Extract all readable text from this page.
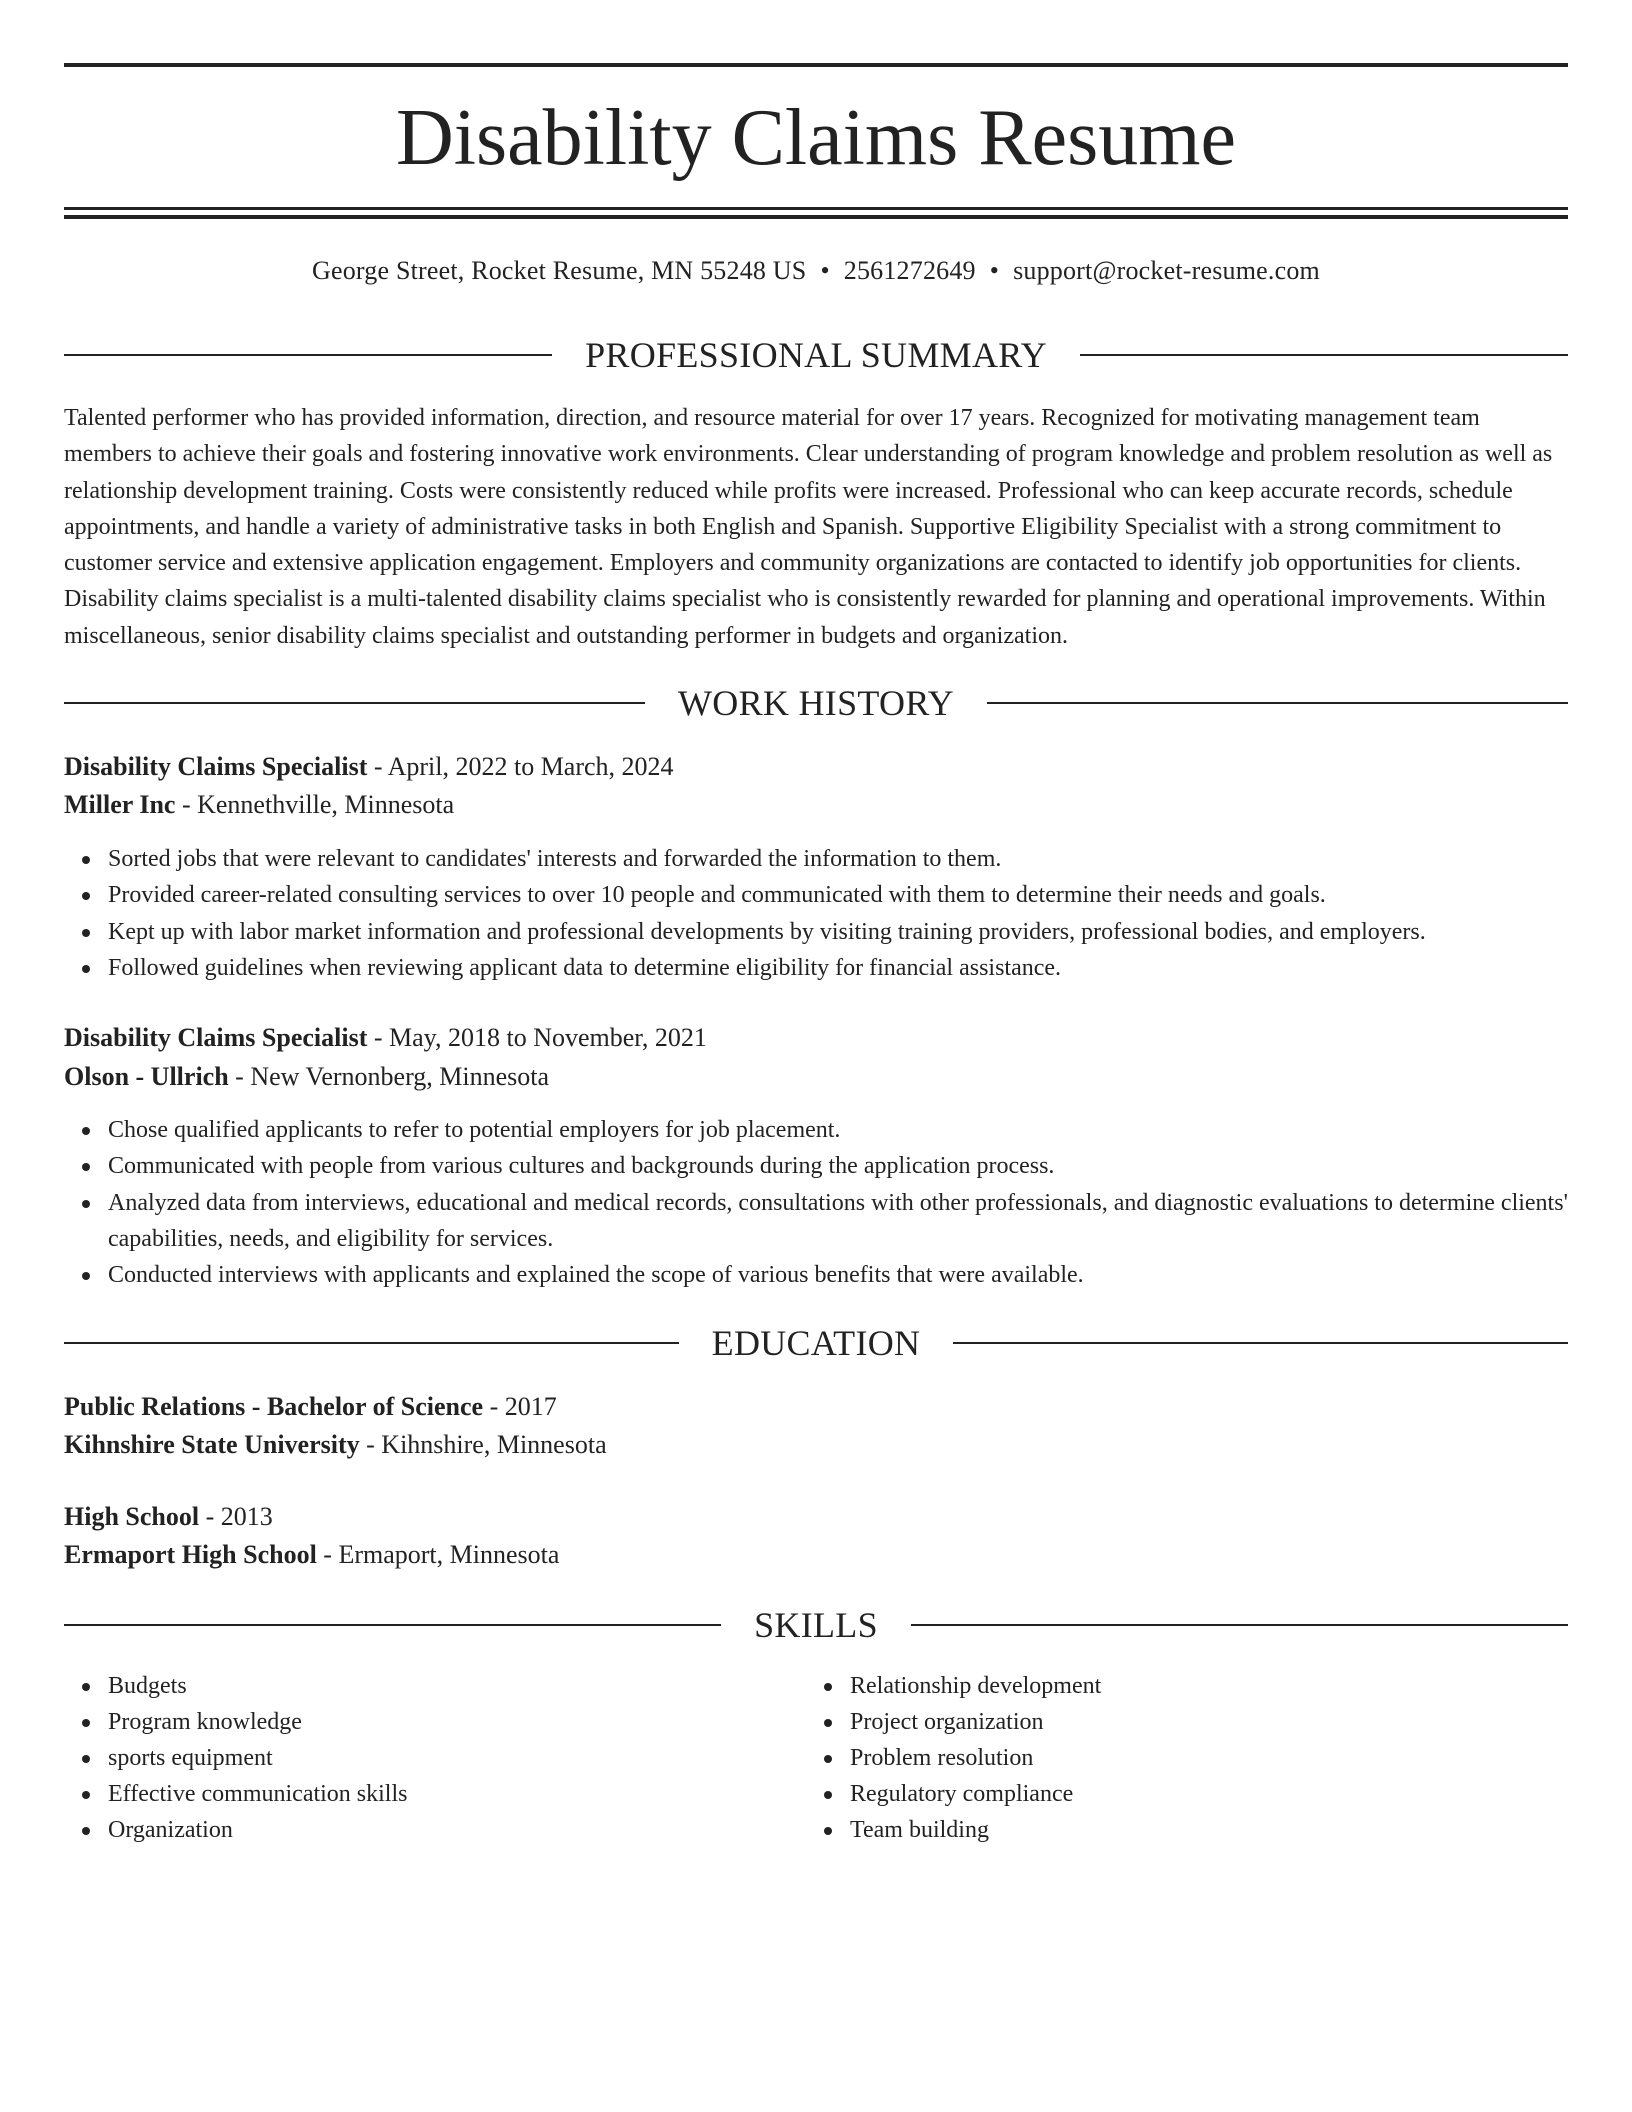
Disability Claims Resume
George Street, Rocket Resume, MN 55248 US • 2561272649 • support@rocket-resume.com
PROFESSIONAL SUMMARY

Talented performer who has provided information, direction, and resource material for over 17 years. Recognized for motivating management team members to achieve their goals and fostering innovative work environments. Clear understanding of program knowledge and problem resolution as well as relationship development training. Costs were consistently reduced while profits were increased. Professional who can keep accurate records, schedule appointments, and handle a variety of administrative tasks in both English and Spanish. Supportive Eligibility Specialist with a strong commitment to customer service and extensive application engagement. Employers and community organizations are contacted to identify job opportunities for clients. Disability claims specialist is a multi-talented disability claims specialist who is consistently rewarded for planning and operational improvements. Within miscellaneous, senior disability claims specialist and outstanding performer in budgets and organization.

WORK HISTORY
Disability Claims Specialist - April, 2022 to March, 2024
Miller Inc - Kennethville, Minnesota
Sorted jobs that were relevant to candidates' interests and forwarded the information to them.
Provided career-related consulting services to over 10 people and communicated with them to determine their needs and goals.
Kept up with labor market information and professional developments by visiting training providers, professional bodies, and employers.
Followed guidelines when reviewing applicant data to determine eligibility for financial assistance.
Disability Claims Specialist - May, 2018 to November, 2021
Olson - Ullrich - New Vernonberg, Minnesota
Chose qualified applicants to refer to potential employers for job placement.
Communicated with people from various cultures and backgrounds during the application process.
Analyzed data from interviews, educational and medical records, consultations with other professionals, and diagnostic evaluations to determine clients' capabilities, needs, and eligibility for services.
Conducted interviews with applicants and explained the scope of various benefits that were available.
EDUCATION
Public Relations - Bachelor of Science - 2017
Kihnshire State University - Kihnshire, Minnesota
High School - 2013
Ermaport High School - Ermaport, Minnesota
SKILLS
Budgets
Program knowledge
sports equipment
Effective communication skills
Organization
Relationship development
Project organization
Problem resolution
Regulatory compliance
Team building
